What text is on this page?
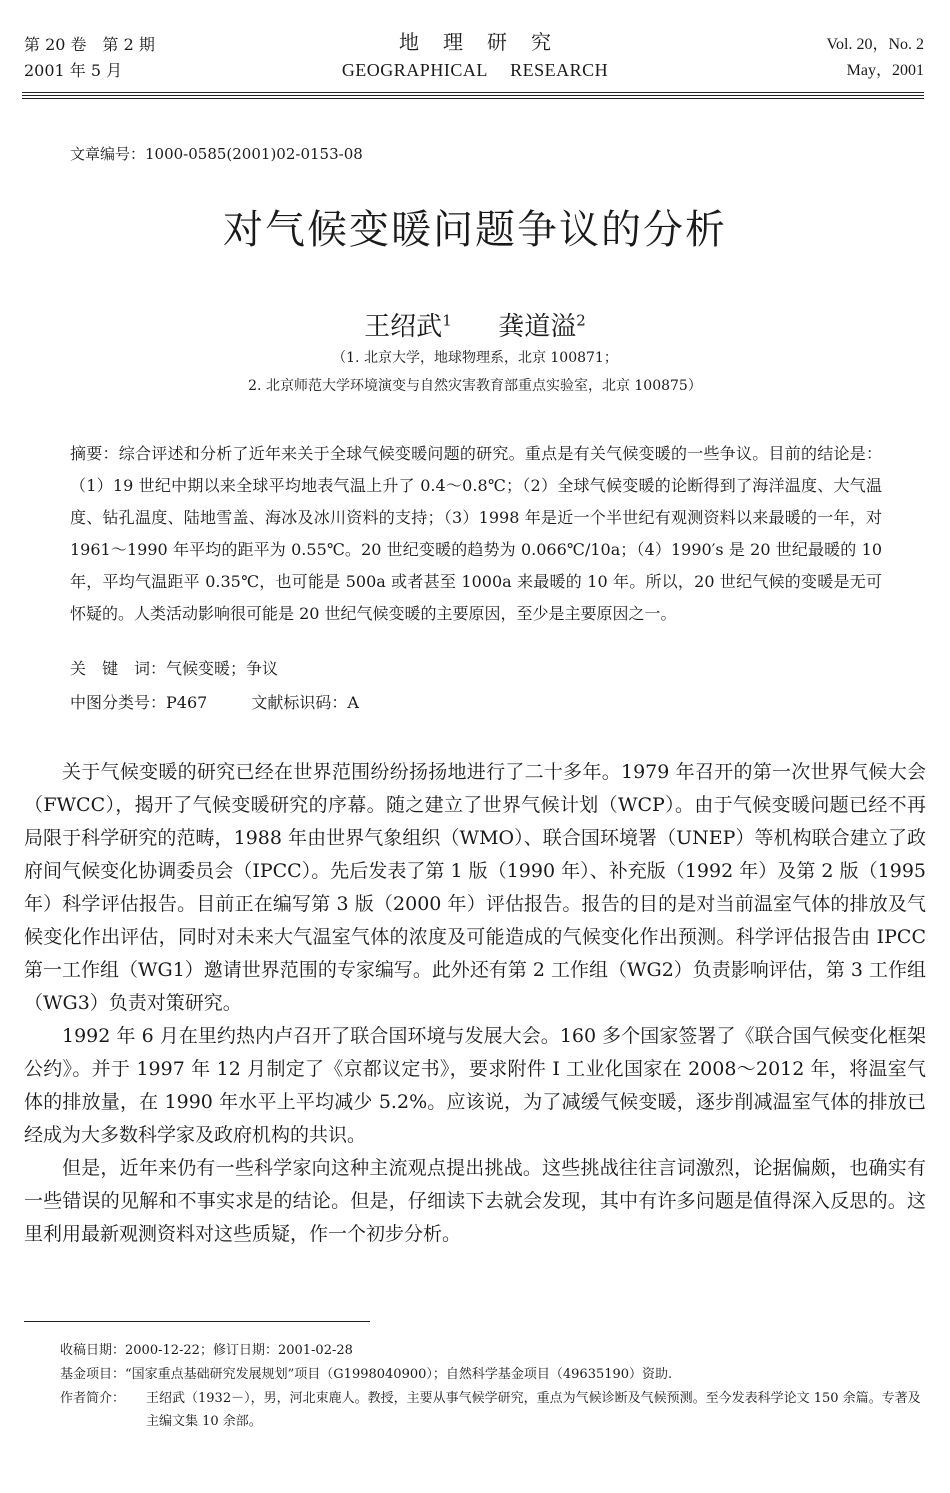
第 20 卷　第 2 期
2001 年 5 月
地理研究
GEOGRAPHICAL RESEARCH
Vol. 20，No. 2
May，2001
文章编号：1000-0585(2001)02-0153-08
对气候变暖问题争议的分析
王绍武$^1$ 龚道溢$^2$
（1. 北京大学，地球物理系，北京 100871；
2. 北京师范大学环境演变与自然灾害教育部重点实验室，北京 100875）
摘要：综合评述和分析了近年来关于全球气候变暖问题的研究。重点是有关气候变暖的一些争议。目前的结论是：（1）19 世纪中期以来全球平均地表气温上升了 0.4～0.8℃；（2）全球气候变暖的论断得到了海洋温度、大气温度、钻孔温度、陆地雪盖、海冰及冰川资料的支持；（3）1998 年是近一个半世纪有观测资料以来最暖的一年，对 1961～1990 年平均的距平为 0.55℃。20 世纪变暖的趋势为 0.066℃/10a；（4）1990′s 是 20 世纪最暖的 10 年，平均气温距平 0.35℃，也可能是 500a 或者甚至 1000a 来最暖的 10 年。所以，20 世纪气候的变暖是无可怀疑的。人类活动影响很可能是 20 世纪气候变暖的主要原因，至少是主要原因之一。
关　键　词：气候变暖；争议
中图分类号：P467	文献标识码：A

关于气候变暖的研究已经在世界范围纷纷扬扬地进行了二十多年。1979 年召开的第一次世界气候大会（FWCC），揭开了气候变暖研究的序幕。随之建立了世界气候计划（WCP）。由于气候变暖问题已经不再局限于科学研究的范畴，1988 年由世界气象组织（WMO）、联合国环境署（UNEP）等机构联合建立了政府间气候变化协调委员会（IPCC）。先后发表了第 1 版（1990 年）、补充版（1992 年）及第 2 版（1995 年）科学评估报告。目前正在编写第 3 版（2000 年）评估报告。报告的目的是对当前温室气体的排放及气候变化作出评估，同时对未来大气温室气体的浓度及可能造成的气候变化作出预测。科学评估报告由 IPCC 第一工作组（WG1）邀请世界范围的专家编写。此外还有第 2 工作组（WG2）负责影响评估，第 3 工作组（WG3）负责对策研究。

1992 年 6 月在里约热内卢召开了联合国环境与发展大会。160 多个国家签署了《联合国气候变化框架公约》。并于 1997 年 12 月制定了《京都议定书》，要求附件 I 工业化国家在 2008～2012 年，将温室气体的排放量，在 1990 年水平上平均减少 5.2%。应该说，为了减缓气候变暖，逐步削减温室气体的排放已经成为大多数科学家及政府机构的共识。

但是，近年来仍有一些科学家向这种主流观点提出挑战。这些挑战往往言词激烈，论据偏颇，也确实有一些错误的见解和不事实求是的结论。但是，仔细读下去就会发现，其中有许多问题是值得深入反思的。这里利用最新观测资料对这些质疑，作一个初步分析。

收稿日期：2000-12-22；修订日期：2001-02-28
基金项目：“国家重点基础研究发展规划”项目（G1998040900）；自然科学基金项目（49635190）资助.
作者简介： 王绍武（1932－），男，河北束鹿人。教授，主要从事气候学研究，重点为气候诊断及气候预测。至今发表科学论文 150 余篇。专著及主编文集 10 余部。
